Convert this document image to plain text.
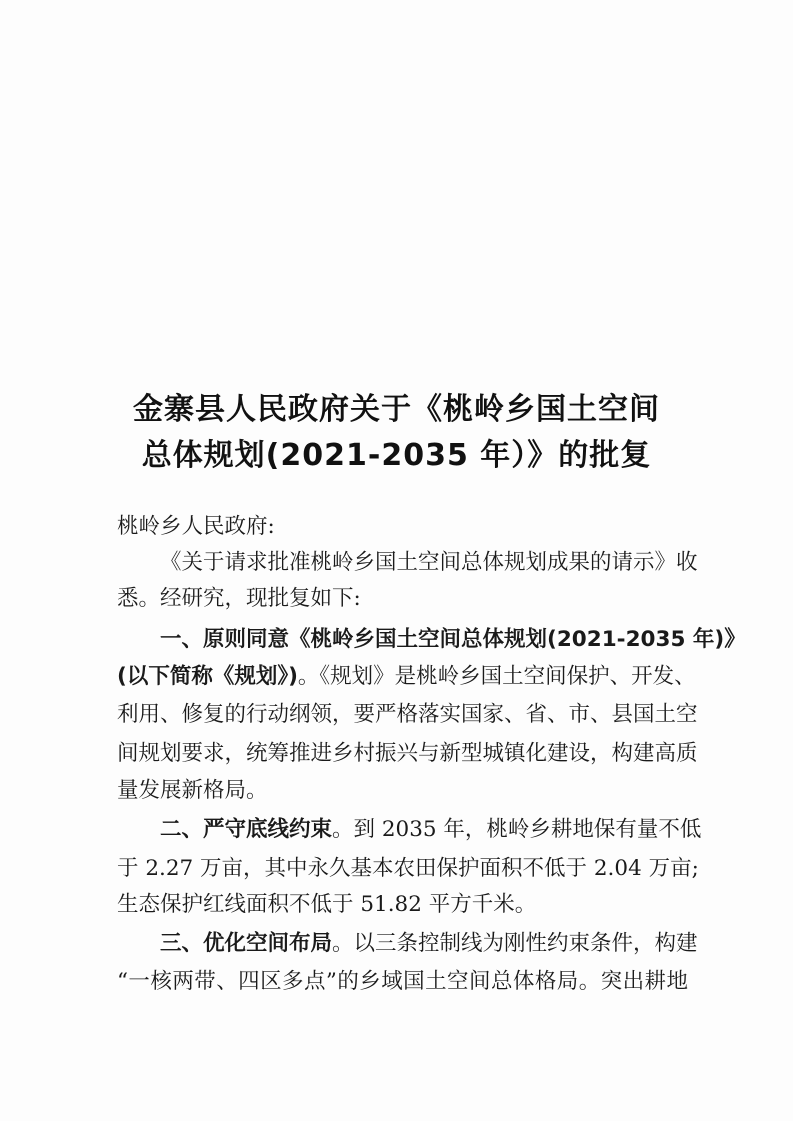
金寨县人民政府关于《桃岭乡国土空间
总体规划(2021-2035 年）》的批复
桃岭乡人民政府:
《关于请求批准桃岭乡国土空间总体规划成果的请示》收
悉。经研究，现批复如下:
一、原则同意《桃岭乡国土空间总体规划(2021-2035 年)》
(以下简称《规划》) 。《规划》是桃岭乡国土空间保护、开发、
利用、修复的行动纲领，要严格落实国家、省、市、县国土空
间规划要求，统筹推进乡村振兴与新型城镇化建设，构建高质
量发展新格局。
二、严守底线约束 。到 2035 年，桃岭乡耕地保有量不低
于 2.27 万亩，其中永久基本农田保护面积不低于 2.04 万亩;
生态保护红线面积不低于 51.82 平方千米。
三、优化空间布局 。以三条控制线为刚性约束条件，构建
“一核两带、四区多点”的乡域国土空间总体格局。突出耕地
